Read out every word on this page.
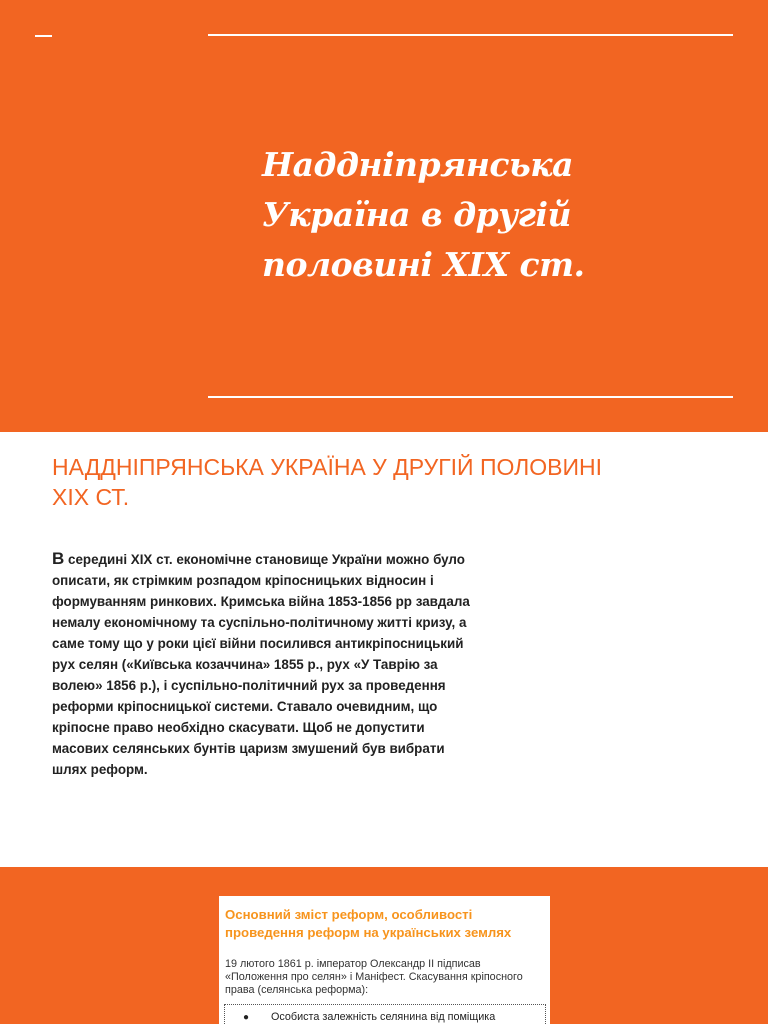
Наддніпрянська Україна в другій половині XIX ст.
НАДДНІПРЯНСЬКА УКРАЇНА У ДРУГІЙ ПОЛОВИНІ XIX СТ.

В середині XIX ст. економічне становище України можно було описати, як стрімким розпадом кріпосницьких відносин і формуванням ринкових. Кримська війна 1853-1856 рр завдала немалу економічному та суспільно-політичному житті кризу, а саме тому що у роки цієї війни посилився антикріпосницький рух селян («Київська козаччина» 1855 р., рух «У Таврію за волею» 1856 р.), і суспільно-політичний рух за проведення реформи кріпосницької системи. Ставало очевидним, що кріпосне право необхідно скасувати. Щоб не допустити масових селянських бунтів царизм змушений був вибрати шлях реформ.

Основний зміст реформ, особливості проведення реформ на українських землях

19 лютого 1861 р. імператор Олександр II підписав «Положення про селян» і Маніфест. Скасування кріпосного права (селянська реформа):

● Особиста залежність селянина від поміщика
